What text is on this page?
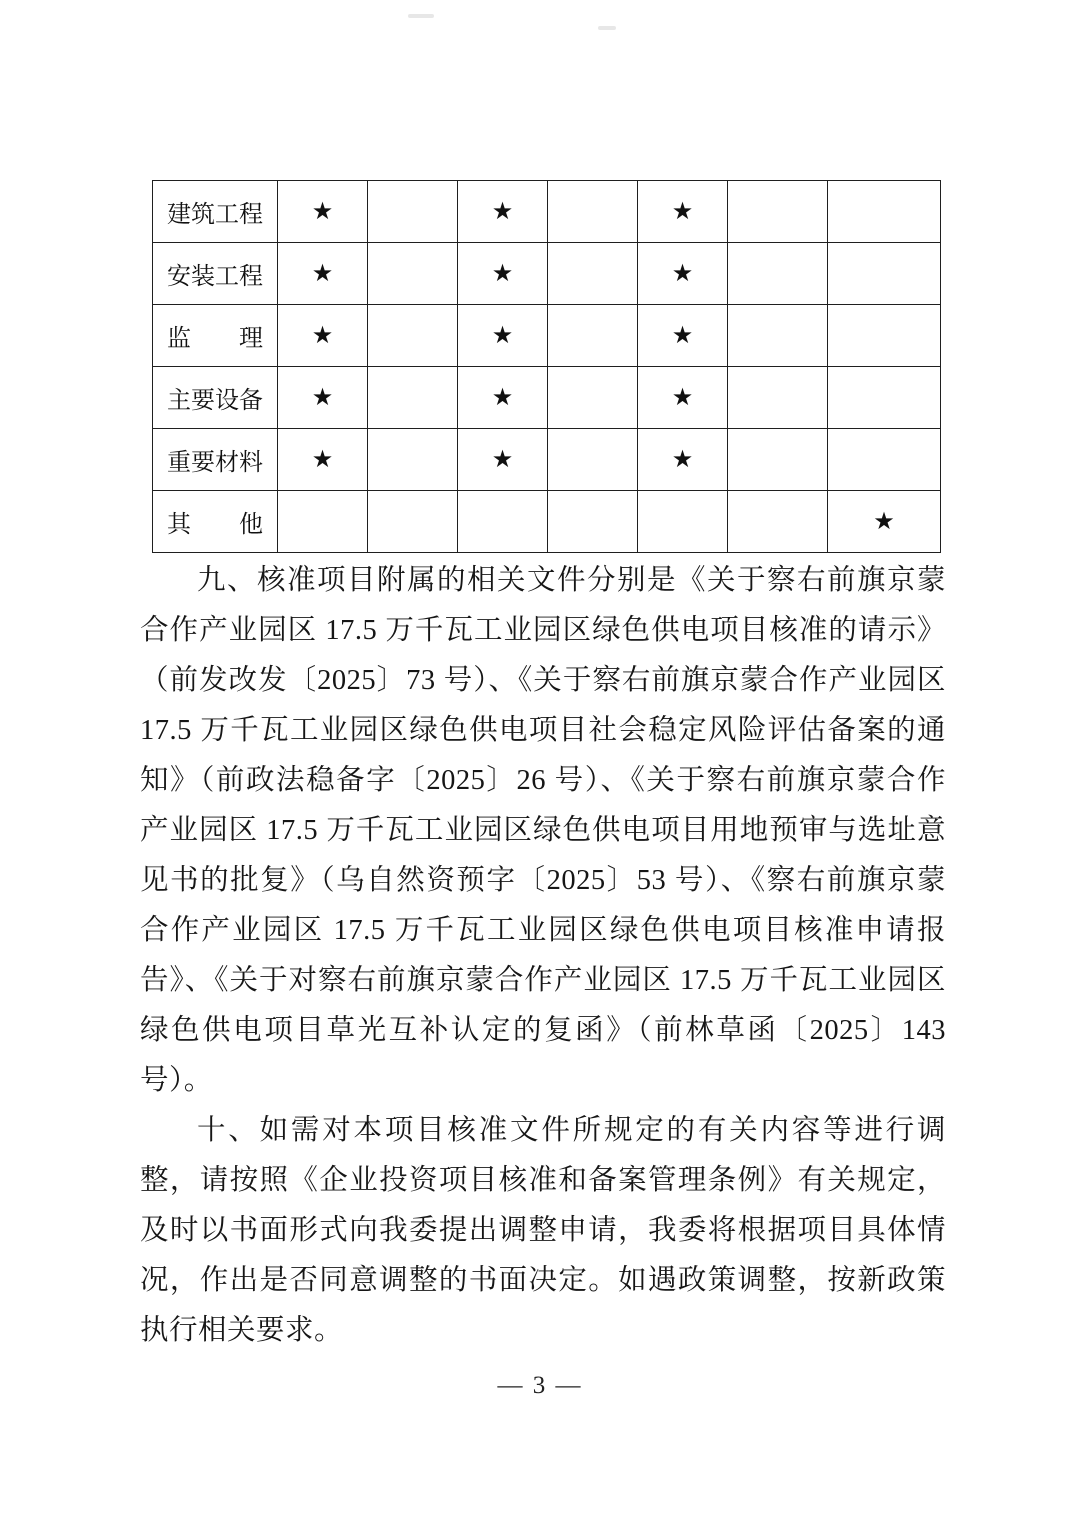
建筑工程	★		★		★		
安装工程	★		★		★		
监理	★		★		★		
主要设备	★		★		★		
重要材料	★		★		★		
其他							★

九、核准项目附属的相关文件分别是《关于察右前旗京蒙合作产业园区 17.5 万千瓦工业园区绿色供电项目核准的请示》（前发改发〔2025〕73 号）、《关于察右前旗京蒙合作产业园区 17.5 万千瓦工业园区绿色供电项目社会稳定风险评估备案的通知》（前政法稳备字〔2025〕26 号）、《关于察右前旗京蒙合作产业园区 17.5 万千瓦工业园区绿色供电项目用地预审与选址意见书的批复》（乌自然资预字〔2025〕53 号）、《察右前旗京蒙合作产业园区 17.5 万千瓦工业园区绿色供电项目核准申请报告》、《关于对察右前旗京蒙合作产业园区 17.5 万千瓦工业园区绿色供电项目草光互补认定的复函》（前林草函〔2025〕143 号）。

十、如需对本项目核准文件所规定的有关内容等进行调整，请按照《企业投资项目核准和备案管理条例》有关规定，及时以书面形式向我委提出调整申请，我委将根据项目具体情况，作出是否同意调整的书面决定。如遇政策调整，按新政策执行相关要求。

— 3 —
